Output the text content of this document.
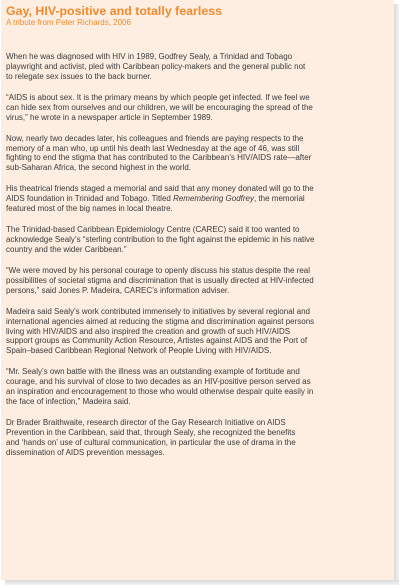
Gay, HIV-positive and totally fearless
A tribute from Peter Richards, 2006

When he was diagnosed with HIV in 1989, Godfrey Sealy, a Trinidad and Tobago
playwright and activist, pled with Caribbean policy-makers and the general public not
to relegate sex issues to the back burner.

“AIDS is about sex. It is the primary means by which people get infected. If we feel we
can hide sex from ourselves and our children, we will be encouraging the spread of the
virus,” he wrote in a newspaper article in September 1989.

Now, nearly two decades later, his colleagues and friends are paying respects to the
memory of a man who, up until his death last Wednesday at the age of 46, was still
fighting to end the stigma that has contributed to the Caribbean’s HIV/AIDS rate—after
sub-Saharan Africa, the second highest in the world.

His theatrical friends staged a memorial and said that any money donated will go to the
AIDS foundation in Trinidad and Tobago. Titled Remembering Godfrey, the memorial
featured most of the big names in local theatre.

The Trinidad-based Caribbean Epidemiology Centre (CAREC) said it too wanted to
acknowledge Sealy’s “sterling contribution to the fight against the epidemic in his native
country and the wider Caribbean.”

“We were moved by his personal courage to openly discuss his status despite the real
possibilities of societal stigma and discrimination that is usually directed at HIV-infected
persons,” said Jones P. Madeira, CAREC’s information adviser.

Madeira said Sealy’s work contributed immensely to initiatives by several regional and
international agencies aimed at reducing the stigma and discrimination against persons
living with HIV/AIDS and also inspired the creation and growth of such HIV/AIDS
support groups as Community Action Resource, Artistes against AIDS and the Port of
Spain–based Caribbean Regional Network of People Living with HIV/AIDS.

“Mr. Sealy’s own battle with the illness was an outstanding example of fortitude and
courage, and his survival of close to two decades as an HIV-positive person served as
an inspiration and encouragement to those who would otherwise despair quite easily in
the face of infection,” Madeira said.

Dr Brader Braithwaite, research director of the Gay Research Initiative on AIDS
Prevention in the Caribbean, said that, through Sealy, she recognized the benefits
and ‘hands on’ use of cultural communication, in particular the use of drama in the
dissemination of AIDS prevention messages.
